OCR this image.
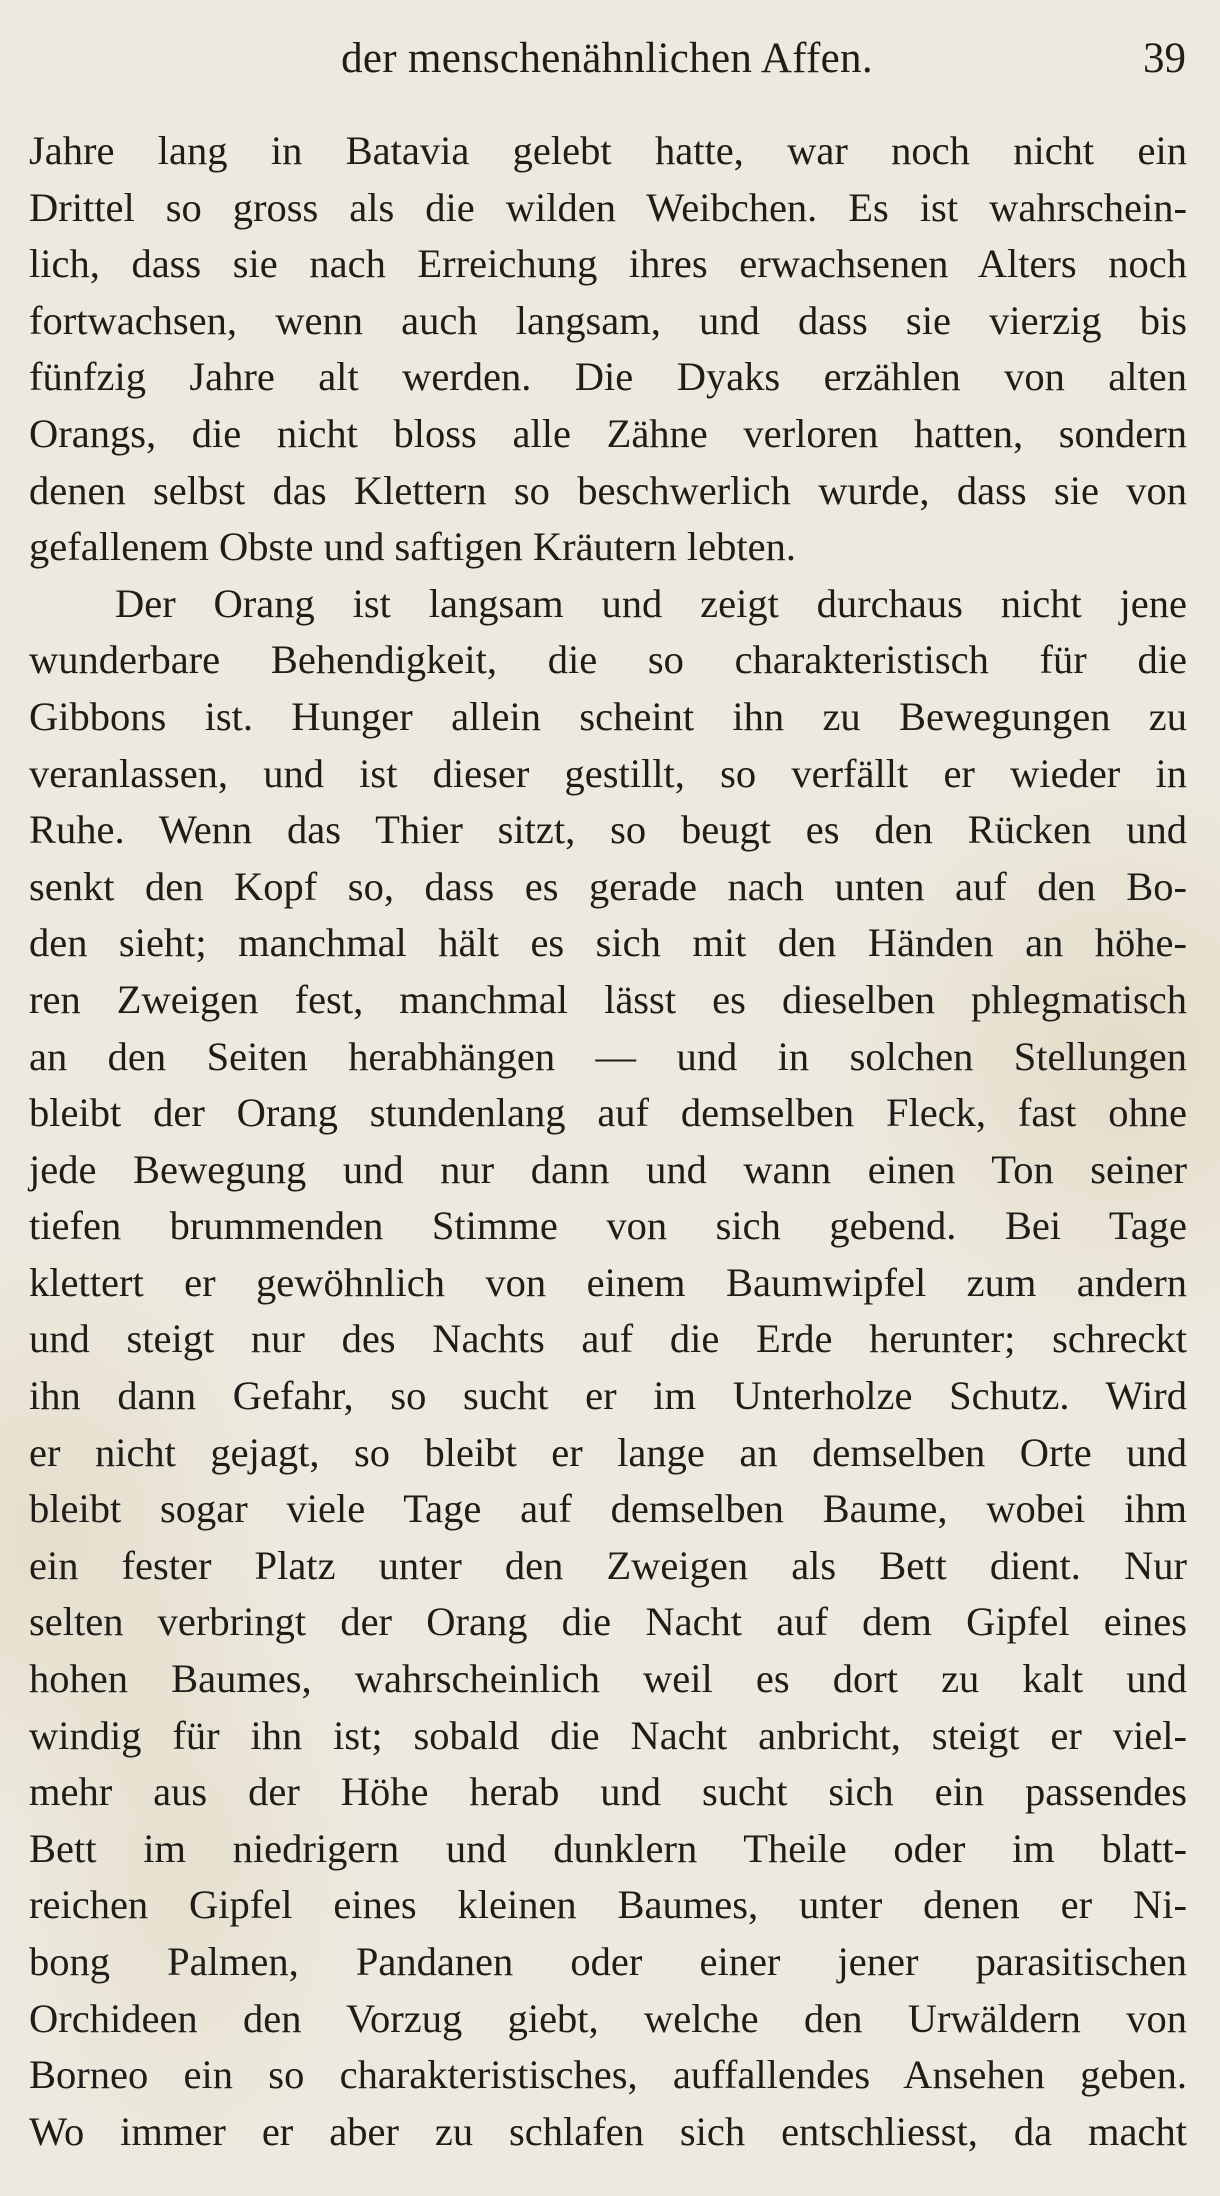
der menschenähnlichen Affen.	39
Jahre lang in Batavia gelebt hatte, war noch nicht ein
Drittel so gross als die wilden Weibchen. Es ist wahrschein-
lich, dass sie nach Erreichung ihres erwachsenen Alters noch
fortwachsen, wenn auch langsam, und dass sie vierzig bis
fünfzig Jahre alt werden. Die Dyaks erzählen von alten
Orangs, die nicht bloss alle Zähne verloren hatten, sondern
denen selbst das Klettern so beschwerlich wurde, dass sie von
gefallenem Obste und saftigen Kräutern lebten.
Der Orang ist langsam und zeigt durchaus nicht jene
wunderbare Behendigkeit, die so charakteristisch für die
Gibbons ist. Hunger allein scheint ihn zu Bewegungen zu
veranlassen, und ist dieser gestillt, so verfällt er wieder in
Ruhe. Wenn das Thier sitzt, so beugt es den Rücken und
senkt den Kopf so, dass es gerade nach unten auf den Bo-
den sieht; manchmal hält es sich mit den Händen an höhe-
ren Zweigen fest, manchmal lässt es dieselben phlegmatisch
an den Seiten herabhängen — und in solchen Stellungen
bleibt der Orang stundenlang auf demselben Fleck, fast ohne
jede Bewegung und nur dann und wann einen Ton seiner
tiefen brummenden Stimme von sich gebend. Bei Tage
klettert er gewöhnlich von einem Baumwipfel zum andern
und steigt nur des Nachts auf die Erde herunter; schreckt
ihn dann Gefahr, so sucht er im Unterholze Schutz. Wird
er nicht gejagt, so bleibt er lange an demselben Orte und
bleibt sogar viele Tage auf demselben Baume, wobei ihm
ein fester Platz unter den Zweigen als Bett dient. Nur
selten verbringt der Orang die Nacht auf dem Gipfel eines
hohen Baumes, wahrscheinlich weil es dort zu kalt und
windig für ihn ist; sobald die Nacht anbricht, steigt er viel-
mehr aus der Höhe herab und sucht sich ein passendes
Bett im niedrigern und dunklern Theile oder im blatt-
reichen Gipfel eines kleinen Baumes, unter denen er Ni-
bong Palmen, Pandanen oder einer jener parasitischen
Orchideen den Vorzug giebt, welche den Urwäldern von
Borneo ein so charakteristisches, auffallendes Ansehen geben.
Wo immer er aber zu schlafen sich entschliesst, da macht
